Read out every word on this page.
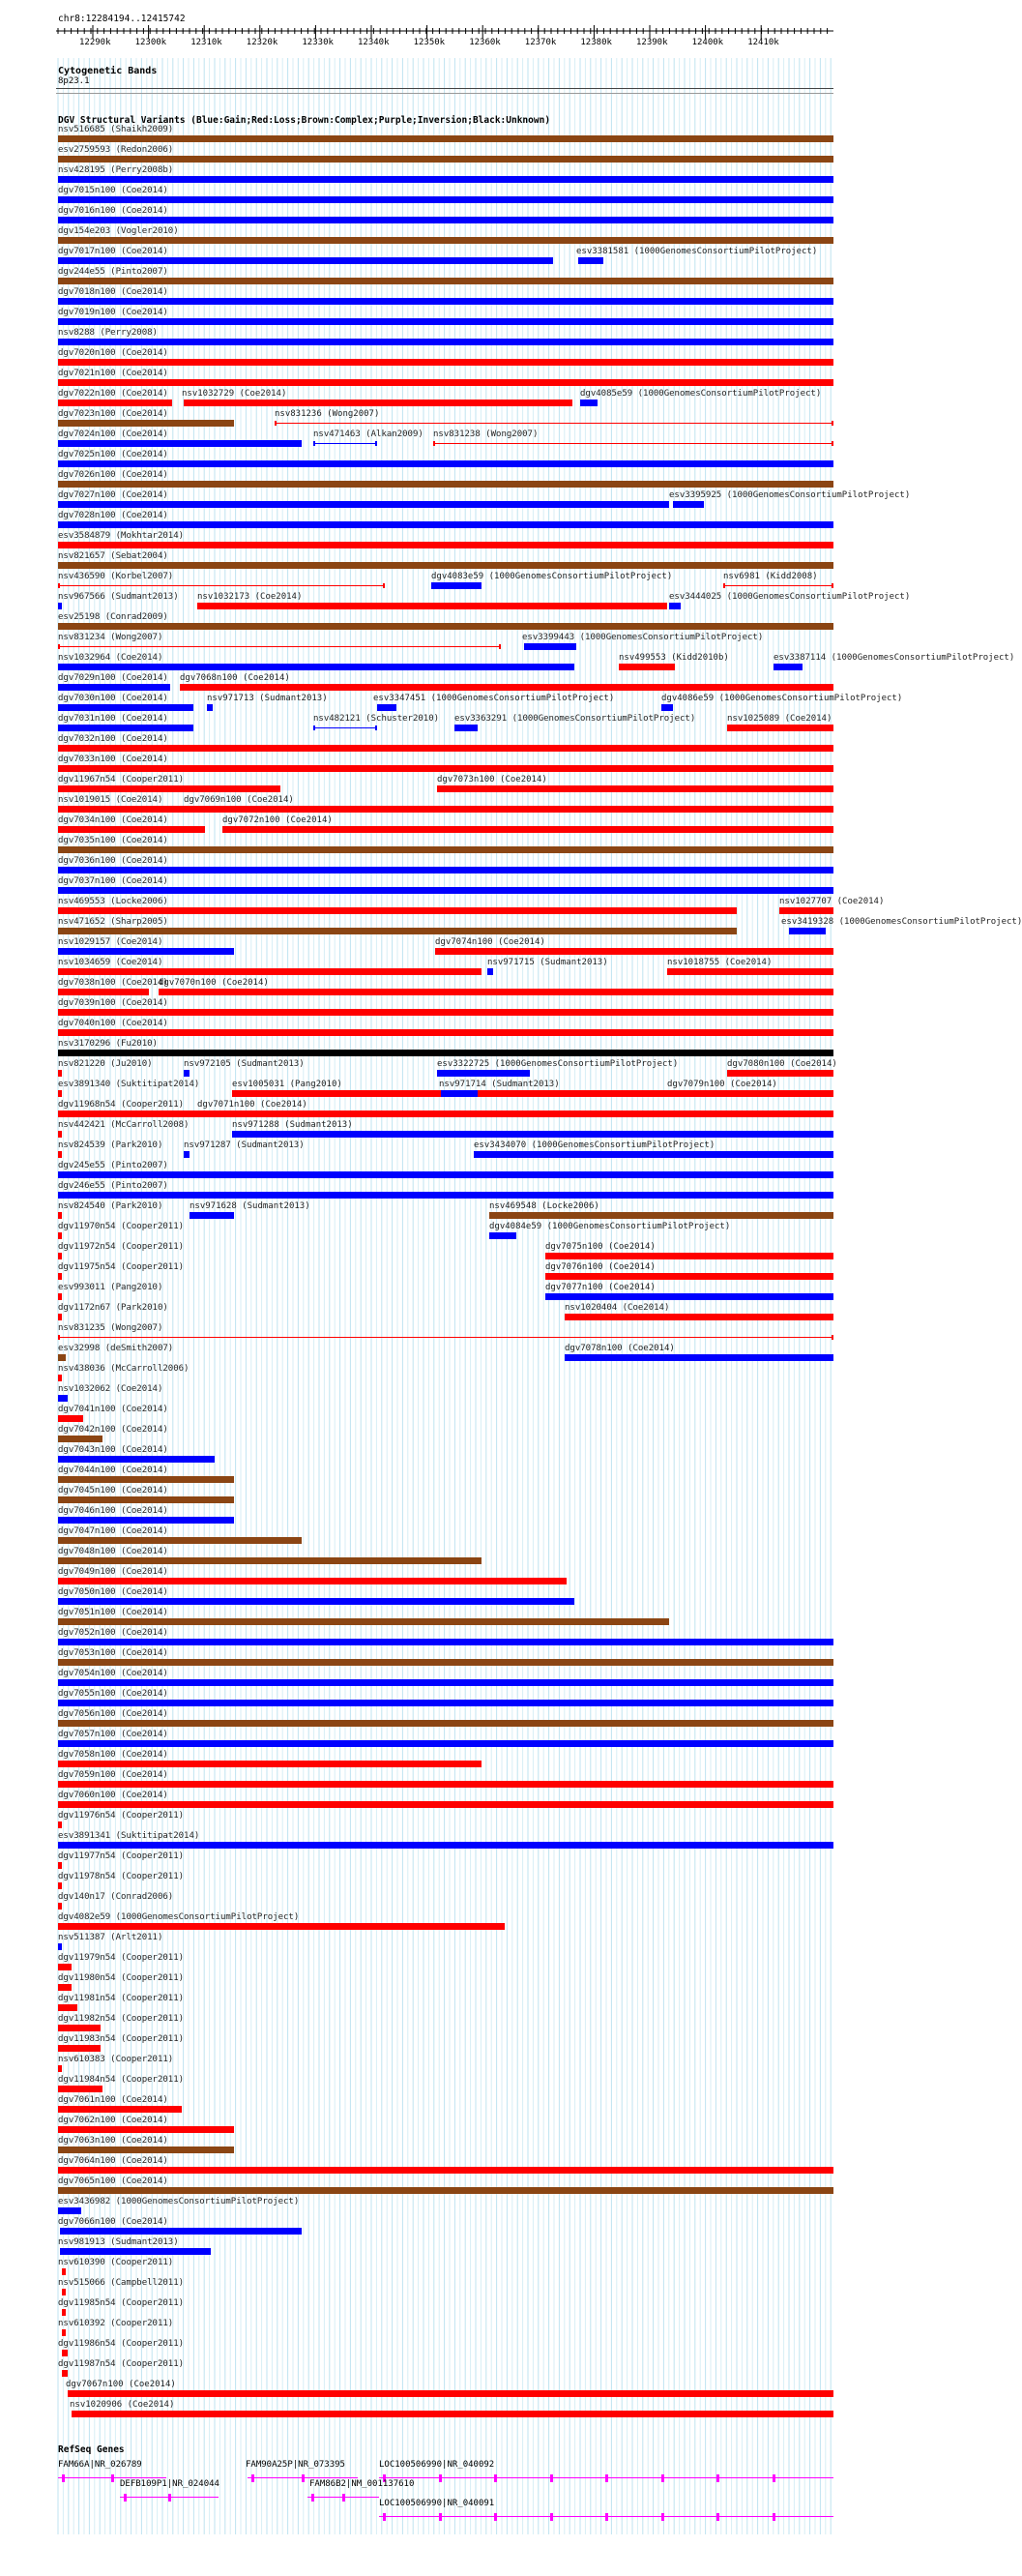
chr8:12284194..12415742
12290k	12300k	12310k	12320k	12330k	12340k	12350k	12360k	12370k	12380k	12390k	12400k	12410k
Cytogenetic Bands
8p23.1
DGV Structural Variants (Blue:Gain;Red:Loss;Brown:Complex;Purple;Inversion;Black:Unknown)
nsv516685 (Shaikh2009)
esv2759593 (Redon2006)
nsv428195 (Perry2008b)
dgv7015n100 (Coe2014)
dgv7016n100 (Coe2014)
dgv154e203 (Vogler2010)
dgv7017n100 (Coe2014)	esv3381581 (1000GenomesConsortiumPilotProject)
dgv244e55 (Pinto2007)
dgv7018n100 (Coe2014)
dgv7019n100 (Coe2014)
nsv8288 (Perry2008)
dgv7020n100 (Coe2014)
dgv7021n100 (Coe2014)
dgv7022n100 (Coe2014) nsv1032729 (Coe2014)	dgv4085e59 (1000GenomesConsortiumPilotProject)
dgv7023n100 (Coe2014)	nsv831236 (Wong2007)
dgv7024n100 (Coe2014)	nsv471463 (Alkan2009) nsv831238 (Wong2007)
dgv7025n100 (Coe2014)
dgv7026n100 (Coe2014)
dgv7027n100 (Coe2014)	esv3395925 (1000GenomesConsortiumPilotProject)
dgv7028n100 (Coe2014)
esv3584879 (Mokhtar2014)
nsv821657 (Sebat2004)
nsv436590 (Korbel2007)	dgv4083e59 (1000GenomesConsortiumPilotProject)	nsv6981 (Kidd2008)
nsv967566 (Sudmant2013) nsv1032173 (Coe2014)	esv3444025 (1000GenomesConsortiumPilotProject)
esv25198 (Conrad2009)
nsv831234 (Wong2007)	esv3399443 (1000GenomesConsortiumPilotProject)
nsv1032964 (Coe2014)	nsv499553 (Kidd2010b)	esv3387114 (1000GenomesConsortiumPilotProject)
dgv7029n100 (Coe2014) dgv7068n100 (Coe2014)
dgv7030n100 (Coe2014)	nsv971713 (Sudmant2013)	esv3347451 (1000GenomesConsortiumPilotProject)	dgv4086e59 (1000GenomesConsortiumPilotProject)
dgv7031n100 (Coe2014)	nsv482121 (Schuster2010) esv3363291 (1000GenomesConsortiumPilotProject)	nsv1025089 (Coe2014)
dgv7032n100 (Coe2014)
dgv7033n100 (Coe2014)
dgv11967n54 (Cooper2011)	dgv7073n100 (Coe2014)
nsv1019015 (Coe2014) dgv7069n100 (Coe2014)
dgv7034n100 (Coe2014)	dgv7072n100 (Coe2014)
dgv7035n100 (Coe2014)
dgv7036n100 (Coe2014)
dgv7037n100 (Coe2014)
nsv469553 (Locke2006)	nsv1027707 (Coe2014)
nsv471652 (Sharp2005)	esv3419328 (1000GenomesConsortiumPilotProject)
nsv1029157 (Coe2014)	dgv7074n100 (Coe2014)
nsv1034659 (Coe2014)	nsv971715 (Sudmant2013)	nsv1018755 (Coe2014)
dgv7038n100 (Coe2014)
dgv7070n100 (Coe2014)
dgv7039n100 (Coe2014)
dgv7040n100 (Coe2014)
nsv3170296 (Fu2010)
nsv821220 (Ju2010)	nsv972105 (Sudmant2013)	esv3322725 (1000GenomesConsortiumPilotProject)	dgv7080n100 (Coe2014)
esv3891340 (Suktitipat2014)	esv1005031 (Pang2010)	nsv971714 (Sudmant2013)	dgv7079n100 (Coe2014)
dgv11968n54 (Cooper2011) dgv7071n100 (Coe2014)
nsv442421 (McCarroll2008)	nsv971288 (Sudmant2013)
nsv824539 (Park2010) nsv971287 (Sudmant2013)	esv3434070 (1000GenomesConsortiumPilotProject)
dgv245e55 (Pinto2007)
dgv246e55 (Pinto2007)
nsv824540 (Park2010)	nsv971628 (Sudmant2013)	nsv469548 (Locke2006)
dgv11970n54 (Cooper2011)	dgv4084e59 (1000GenomesConsortiumPilotProject)
dgv11972n54 (Cooper2011)	dgv7075n100 (Coe2014)
dgv11975n54 (Cooper2011)	dgv7076n100 (Coe2014)
esv993011 (Pang2010)	dgv7077n100 (Coe2014)
dgv1172n67 (Park2010)	nsv1020404 (Coe2014)
nsv831235 (Wong2007)
esv32998 (deSmith2007)	dgv7078n100 (Coe2014)
nsv438036 (McCarroll2006)
nsv1032062 (Coe2014)
dgv7041n100 (Coe2014)
dgv7042n100 (Coe2014)
dgv7043n100 (Coe2014)
dgv7044n100 (Coe2014)
dgv7045n100 (Coe2014)
dgv7046n100 (Coe2014)
dgv7047n100 (Coe2014)
dgv7048n100 (Coe2014)
dgv7049n100 (Coe2014)
dgv7050n100 (Coe2014)
dgv7051n100 (Coe2014)
dgv7052n100 (Coe2014)
dgv7053n100 (Coe2014)
dgv7054n100 (Coe2014)
dgv7055n100 (Coe2014)
dgv7056n100 (Coe2014)
dgv7057n100 (Coe2014)
dgv7058n100 (Coe2014)
dgv7059n100 (Coe2014)
dgv7060n100 (Coe2014)
dgv11976n54 (Cooper2011)
esv3891341 (Suktitipat2014)
dgv11977n54 (Cooper2011)
dgv11978n54 (Cooper2011)
dgv140n17 (Conrad2006)
dgv4082e59 (1000GenomesConsortiumPilotProject)
nsv511387 (Arlt2011)
dgv11979n54 (Cooper2011)
dgv11980n54 (Cooper2011)
dgv11981n54 (Cooper2011)
dgv11982n54 (Cooper2011)
dgv11983n54 (Cooper2011)
nsv610383 (Cooper2011)
dgv11984n54 (Cooper2011)
dgv7061n100 (Coe2014)
dgv7062n100 (Coe2014)
dgv7063n100 (Coe2014)
dgv7064n100 (Coe2014)
dgv7065n100 (Coe2014)
esv3436982 (1000GenomesConsortiumPilotProject)
dgv7066n100 (Coe2014)
nsv981913 (Sudmant2013)
nsv610390 (Cooper2011)
nsv515066 (Campbell2011)
dgv11985n54 (Cooper2011)
nsv610392 (Cooper2011)
dgv11986n54 (Cooper2011)
dgv11987n54 (Cooper2011)
dgv7067n100 (Coe2014)
nsv1020906 (Coe2014)
RefSeq Genes
FAM66A|NR_026789	FAM90A25P|NR_073395	LOC100506990|NR_040092
DEFB109P1|NR_024044	FAM86B2|NM_001137610
LOC100506990|NR_040091
